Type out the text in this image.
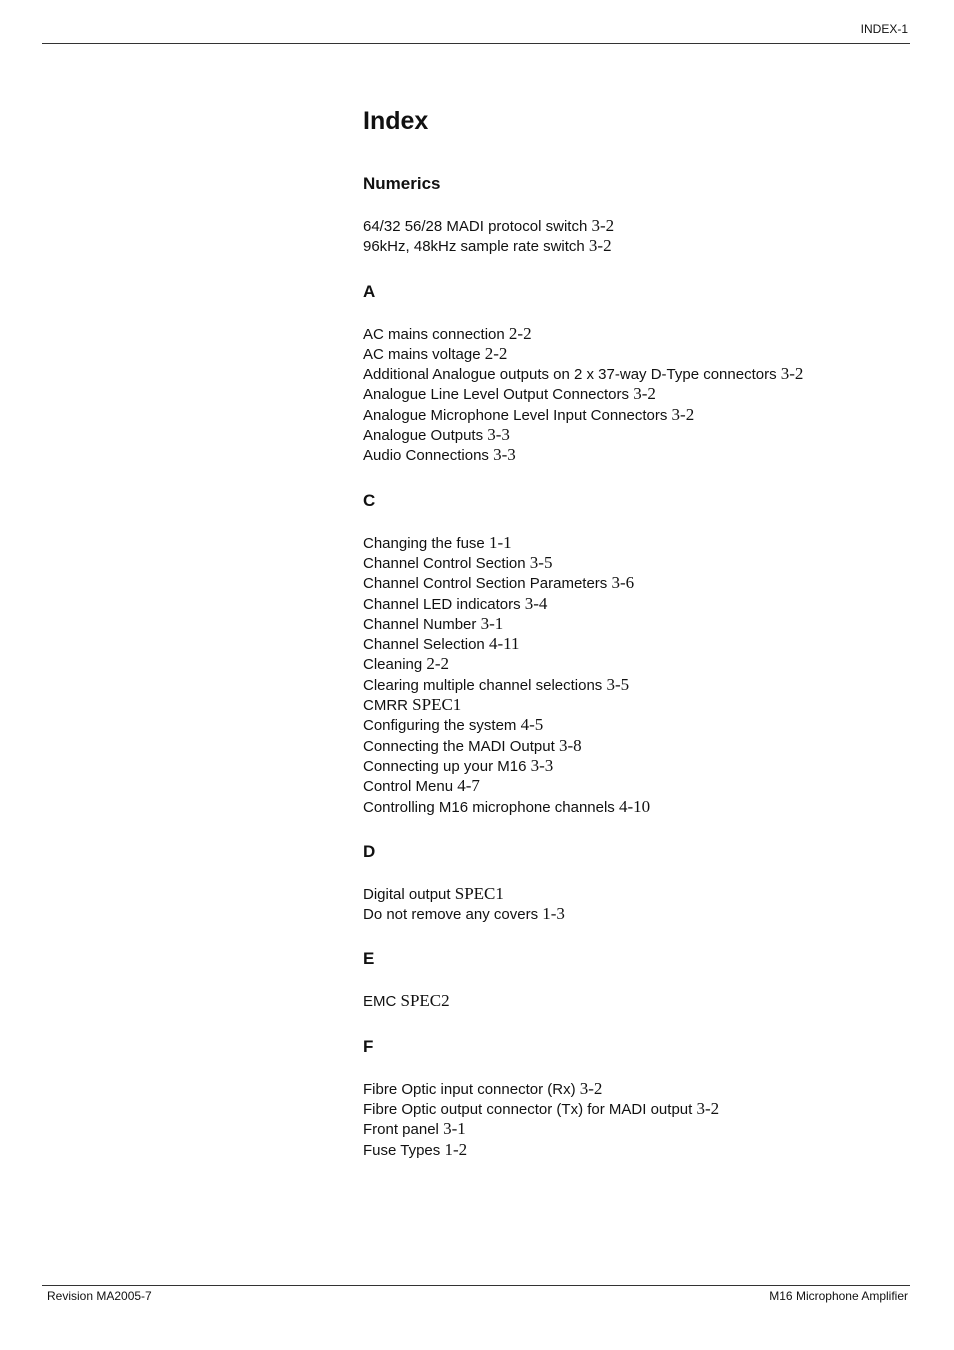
INDEX-1
Index
Numerics
64/32 56/28 MADI protocol switch 3-2
96kHz, 48kHz sample rate switch 3-2
A
AC mains connection 2-2
AC mains voltage 2-2
Additional Analogue outputs on 2 x 37-way D-Type connectors 3-2
Analogue Line Level Output Connectors 3-2
Analogue Microphone Level Input Connectors 3-2
Analogue Outputs 3-3
Audio Connections 3-3
C
Changing the fuse 1-1
Channel Control Section 3-5
Channel Control Section Parameters 3-6
Channel LED indicators 3-4
Channel Number 3-1
Channel Selection 4-11
Cleaning 2-2
Clearing multiple channel selections 3-5
CMRR SPEC1
Configuring the system 4-5
Connecting the MADI Output 3-8
Connecting up your M16 3-3
Control Menu 4-7
Controlling M16 microphone channels 4-10
D
Digital output SPEC1
Do not remove any covers 1-3
E
EMC SPEC2
F
Fibre Optic input connector (Rx) 3-2
Fibre Optic output connector (Tx) for MADI output 3-2
Front panel 3-1
Fuse Types 1-2
Revision MA2005-7	M16 Microphone Amplifier
